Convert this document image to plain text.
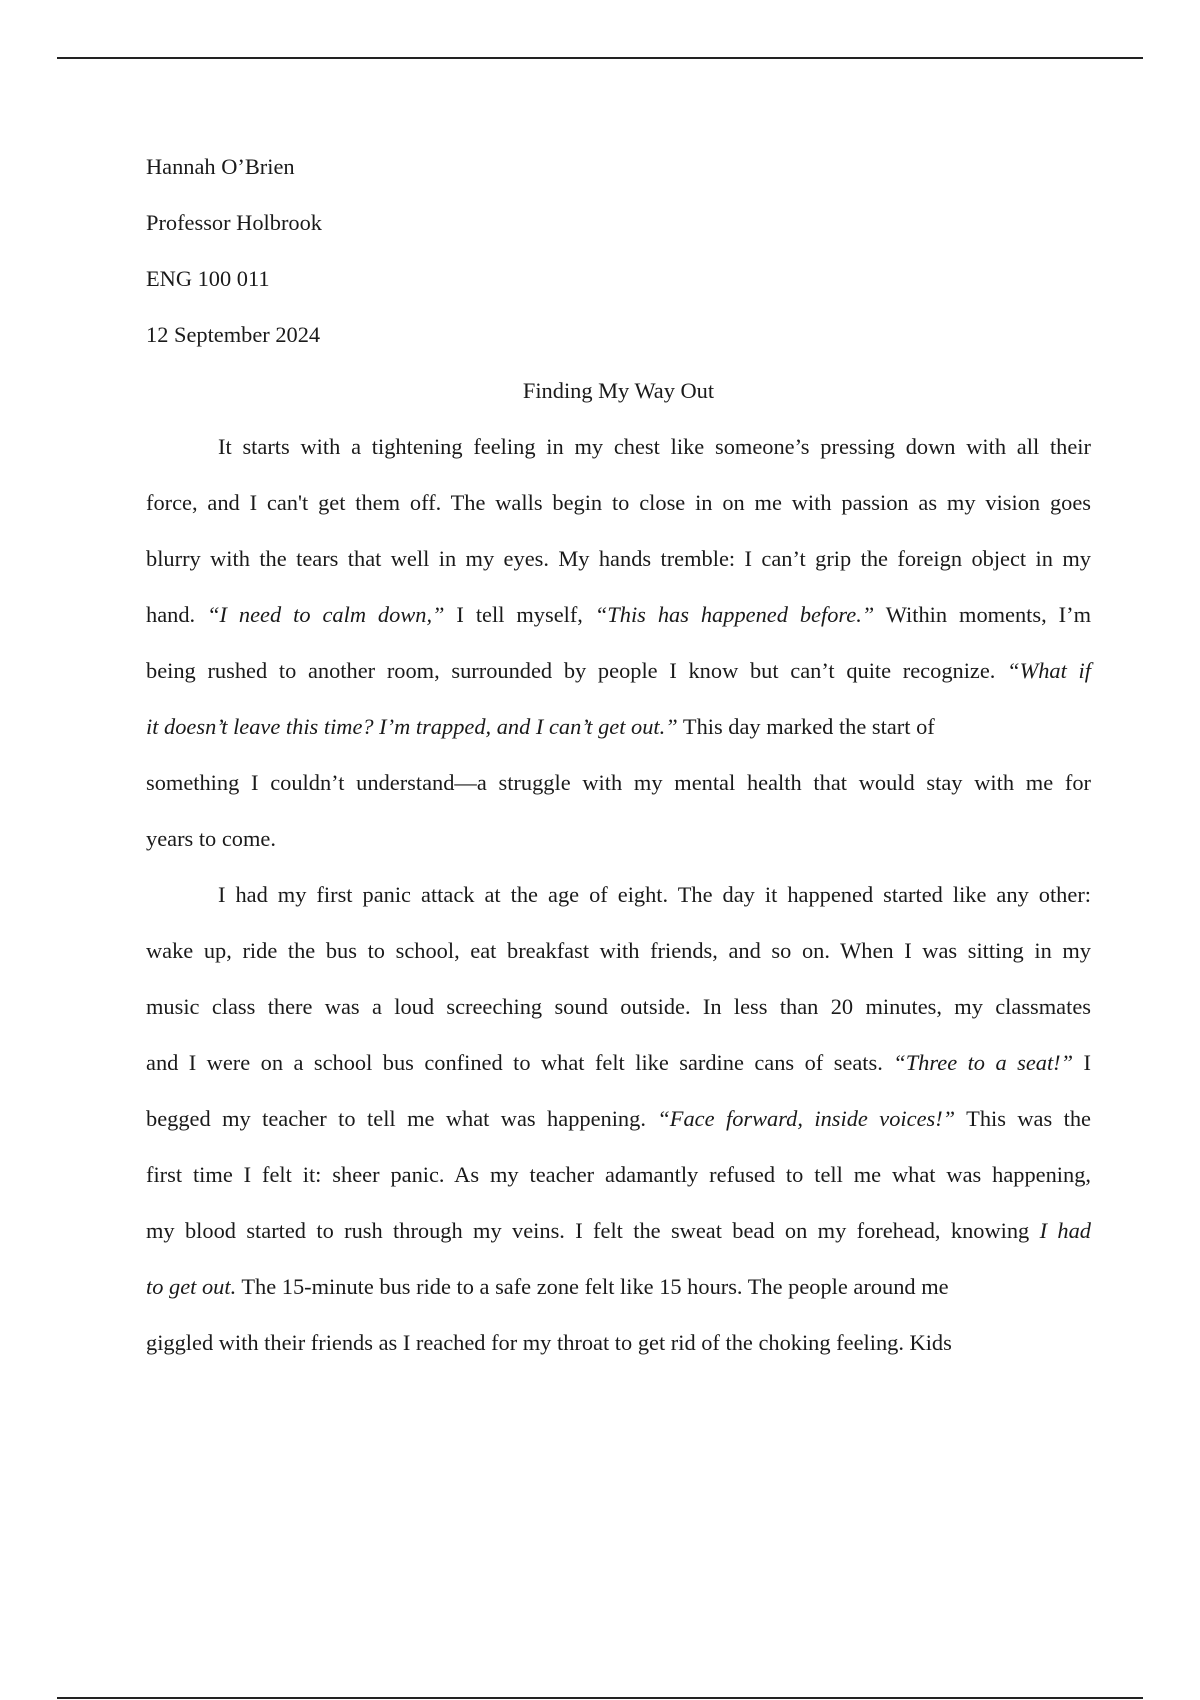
Hannah O’Brien
Professor Holbrook
ENG 100 011
12 September 2024
Finding My Way Out
It starts with a tightening feeling in my chest like someone’s pressing down with all their
force, and I can't get them off. The walls begin to close in on me with passion as my vision goes
blurry with the tears that well in my eyes. My hands tremble: I can’t grip the foreign object in my
hand. “I need to calm down,” I tell myself, “This has happened before.” Within moments, I’m
being rushed to another room, surrounded by people I know but can’t quite recognize. “What if
it doesn’t leave this time? I’m trapped, and I can’t get out.” This day marked the start of
something I couldn’t understand—a struggle with my mental health that would stay with me for
years to come.
I had my first panic attack at the age of eight. The day it happened started like any other:
wake up, ride the bus to school, eat breakfast with friends, and so on. When I was sitting in my
music class there was a loud screeching sound outside. In less than 20 minutes, my classmates
and I were on a school bus confined to what felt like sardine cans of seats. “Three to a seat!” I
begged my teacher to tell me what was happening. “Face forward, inside voices!” This was the
first time I felt it: sheer panic. As my teacher adamantly refused to tell me what was happening,
my blood started to rush through my veins. I felt the sweat bead on my forehead, knowing I had
to get out. The 15-minute bus ride to a safe zone felt like 15 hours. The people around me
giggled with their friends as I reached for my throat to get rid of the choking feeling. Kids
